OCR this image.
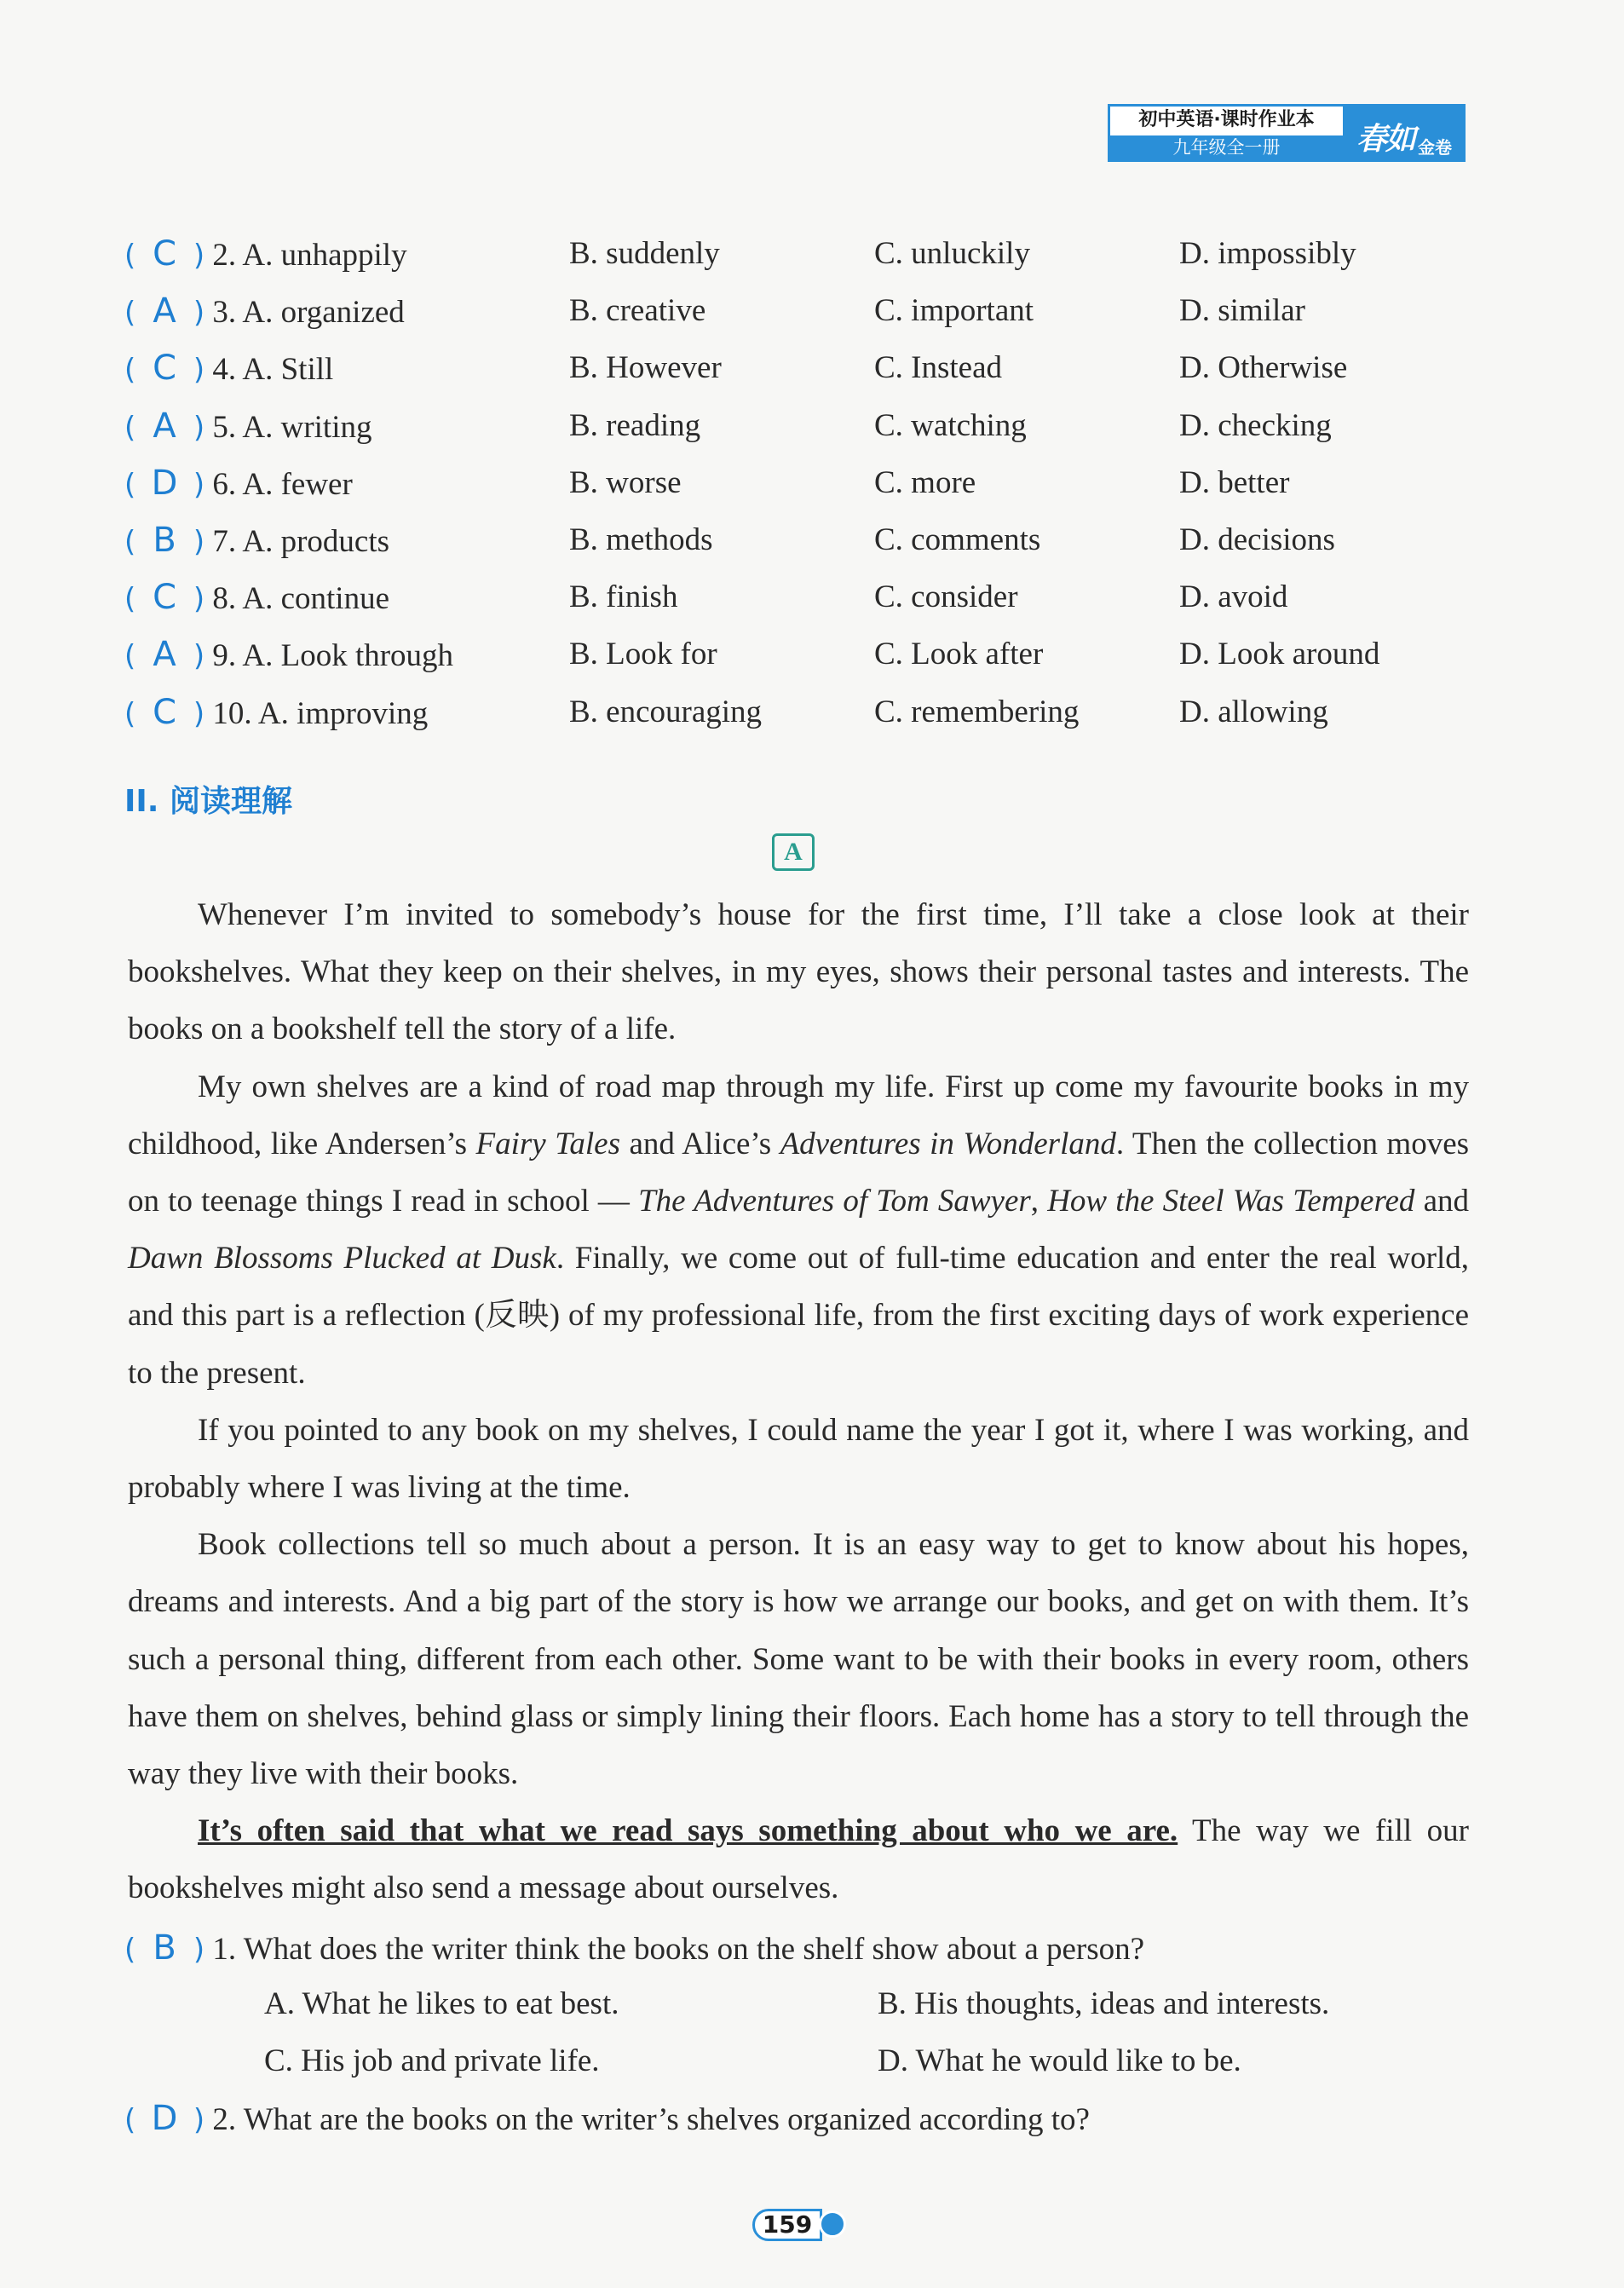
初中英语·课时作业本
九年级全一册	春如 金卷
( C ) 2. A. unhappily	B. suddenly	C. unluckily	D. impossibly
( A ) 3. A. organized	B. creative	C. important	D. similar
( C ) 4. A. Still	B. However	C. Instead	D. Otherwise
( A ) 5. A. writing	B. reading	C. watching	D. checking
( D ) 6. A. fewer	B. worse	C. more	D. better
( B ) 7. A. products	B. methods	C. comments	D. decisions
( C ) 8. A. continue	B. finish	C. consider	D. avoid
( A ) 9. A. Look through	B. Look for	C. Look after	D. Look around
( C ) 10. A. improving	B. encouraging	C. remembering	D. allowing
II. 阅读理解
A

Whenever I’m invited to somebody’s house for the first time, I’ll take a close look at their bookshelves. What they keep on their shelves, in my eyes, shows their personal tastes and interests. The books on a bookshelf tell the story of a life.

My own shelves are a kind of road map through my life. First up come my favourite books in my childhood, like Andersen’s Fairy Tales and Alice’s Adventures in Wonderland. Then the collection moves on to teenage things I read in school — The Adventures of Tom Sawyer, How the Steel Was Tempered and Dawn Blossoms Plucked at Dusk. Finally, we come out of full-time education and enter the real world, and this part is a reflection (反映) of my professional life, from the first exciting days of work experience to the present.

If you pointed to any book on my shelves, I could name the year I got it, where I was working, and probably where I was living at the time.

Book collections tell so much about a person. It is an easy way to get to know about his hopes, dreams and interests. And a big part of the story is how we arrange our books, and get on with them. It’s such a personal thing, different from each other. Some want to be with their books in every room, others have them on shelves, behind glass or simply lining their floors. Each home has a story to tell through the way they live with their books.

It’s often said that what we read says something about who we are. The way we fill our bookshelves might also send a message about ourselves.

( B ) 1. What does the writer think the books on the shelf show about a person?
A. What he likes to eat best.	B. His thoughts, ideas and interests.
C. His job and private life.	D. What he would like to be.
( D ) 2. What are the books on the writer’s shelves organized according to?
159
